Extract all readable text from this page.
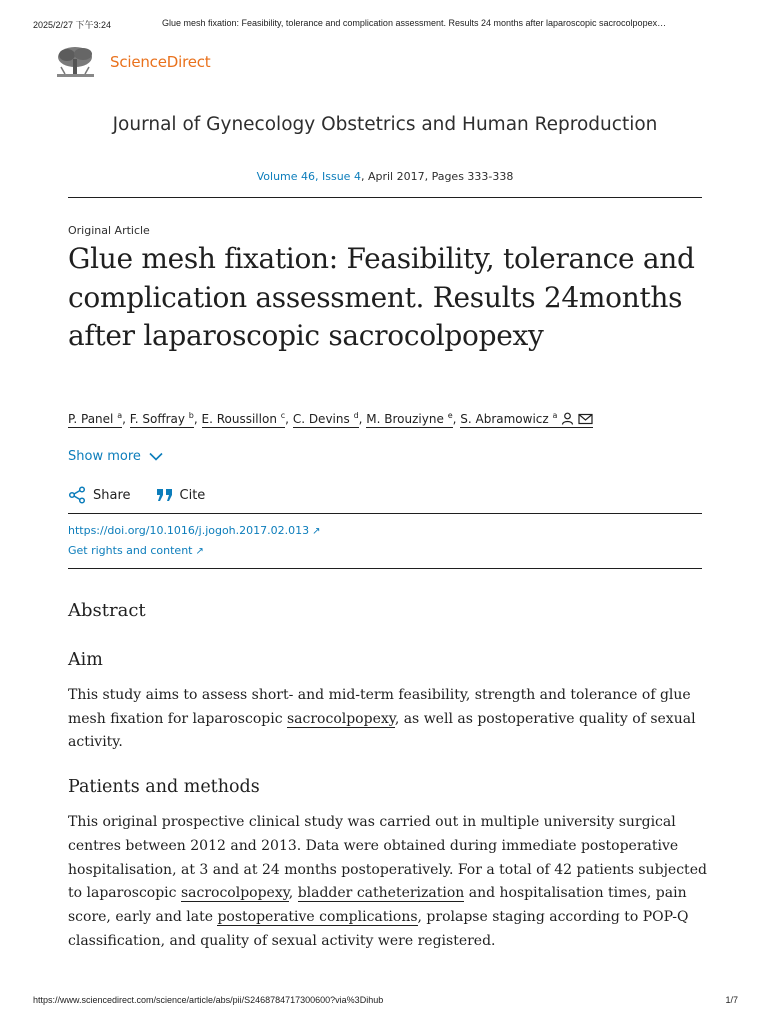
2025/2/27 下午3:24	Glue mesh fixation: Feasibility, tolerance and complication assessment. Results 24 months after laparoscopic sacrocolpopex…
ScienceDirect
Journal of Gynecology Obstetrics and Human Reproduction
Volume 46, Issue 4, April 2017, Pages 333-338
Original Article
Glue mesh fixation: Feasibility, tolerance and complication assessment. Results 24months after laparoscopic sacrocolpopexy
P. Panel $^a$, F. Soffray $^b$, E. Roussillon $^c$, C. Devins $^d$, M. Brouziyne $^e$, S. Abramowicz $^a$
Show more
Share	Cite
https://doi.org/10.1016/j.jogoh.2017.02.013 ↗
Get rights and content ↗
Abstract
Aim
This study aims to assess short- and mid-term feasibility, strength and tolerance of glue mesh fixation for laparoscopic sacrocolpopexy, as well as postoperative quality of sexual activity.
Patients and methods
This original prospective clinical study was carried out in multiple university surgical centres between 2012 and 2013. Data were obtained during immediate postoperative hospitalisation, at 3 and at 24 months postoperatively. For a total of 42 patients subjected to laparoscopic sacrocolpopexy, bladder catheterization and hospitalisation times, pain score, early and late postoperative complications, prolapse staging according to POP-Q classification, and quality of sexual activity were registered.
https://www.sciencedirect.com/science/article/abs/pii/S2468784717300600?via%3Dihub	1/7
